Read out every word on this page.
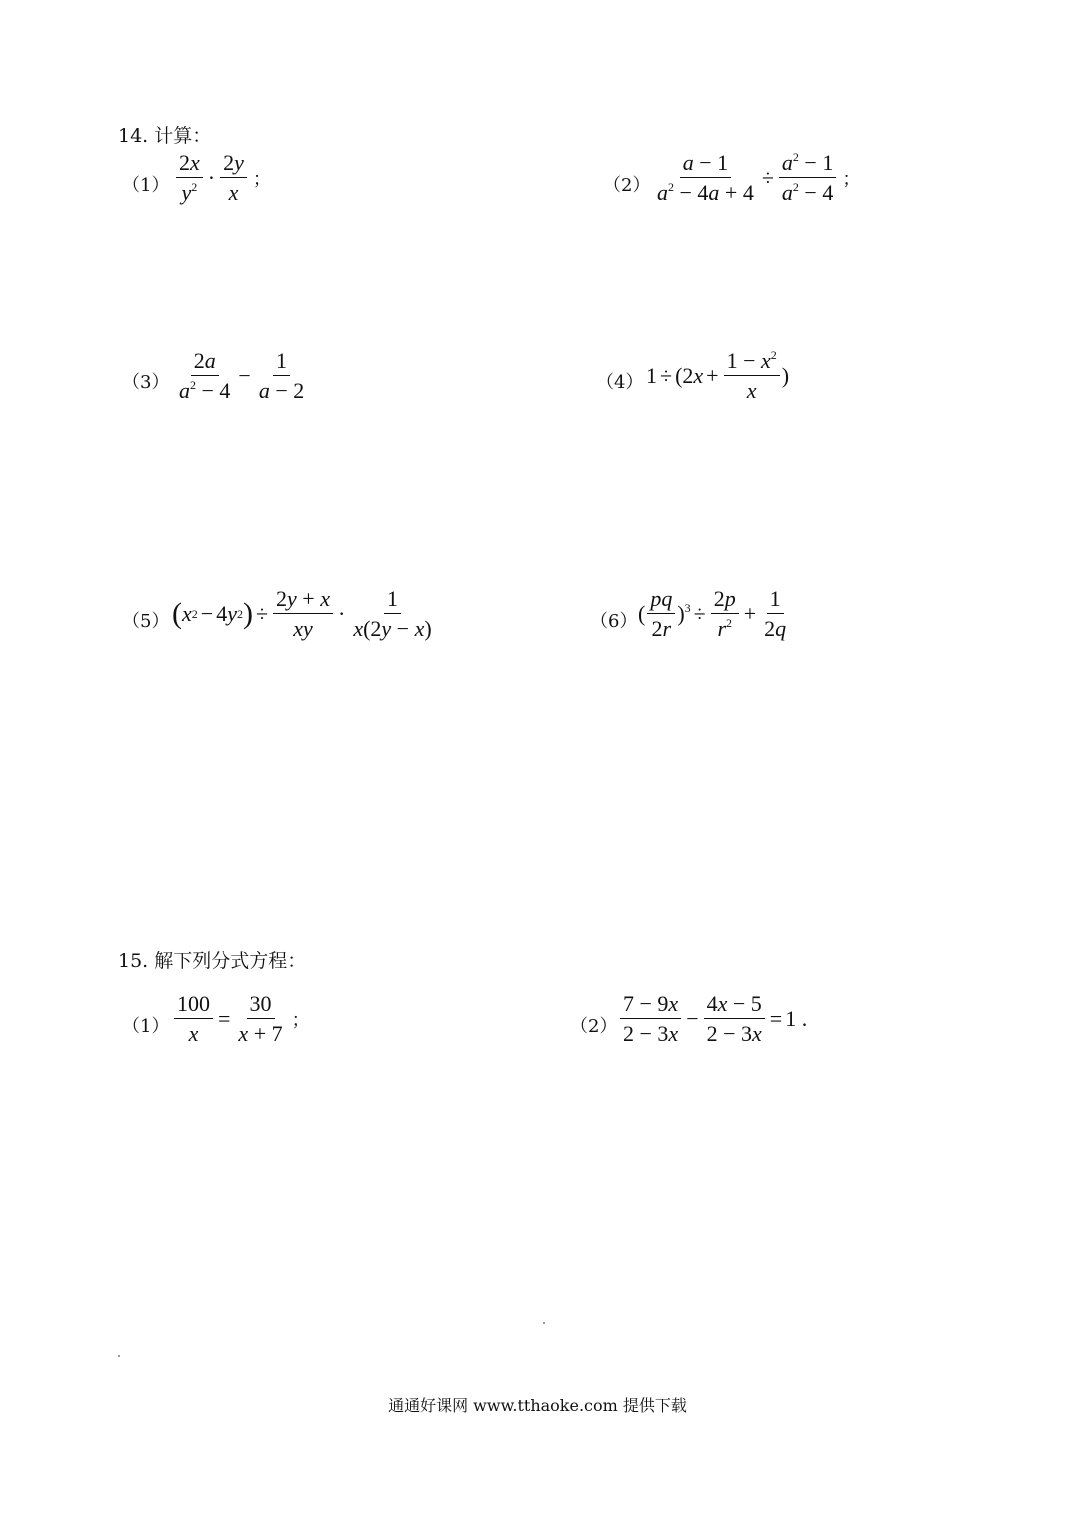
14. 计算：
$(1) \frac{2x}{y^2} \cdot \frac{2y}{x}$ ；	$(2) \frac{a - 1}{a^2 - 4a + 4} \div \frac{a^2 - 1}{a^2 - 4}$ ；
$(3) \frac{2a}{a^2 - 4} - \frac{1}{a - 2}$	（4） $1 \div (2x + \frac{1 - x^2}{x}$ )
（5） ( x 2 − 4 y 2 ) ÷ $\frac{2y + x}{xy} \cdot \frac{1}{x(2y - x)}$	（6） ( $\frac{pq}{2r} )^3 \div \frac{2p}{r^2} + \frac{1}{2q}$
15. 解下列分式方程：
$(1) \frac{100}{x} = \frac{30}{x + 7}$ ；	$(2) \frac{7 - 9x}{2 - 3x} - \frac{4x - 5}{2 - 3x} = 1$ .
通通好课网 www.tthaoke.com 提供下载
